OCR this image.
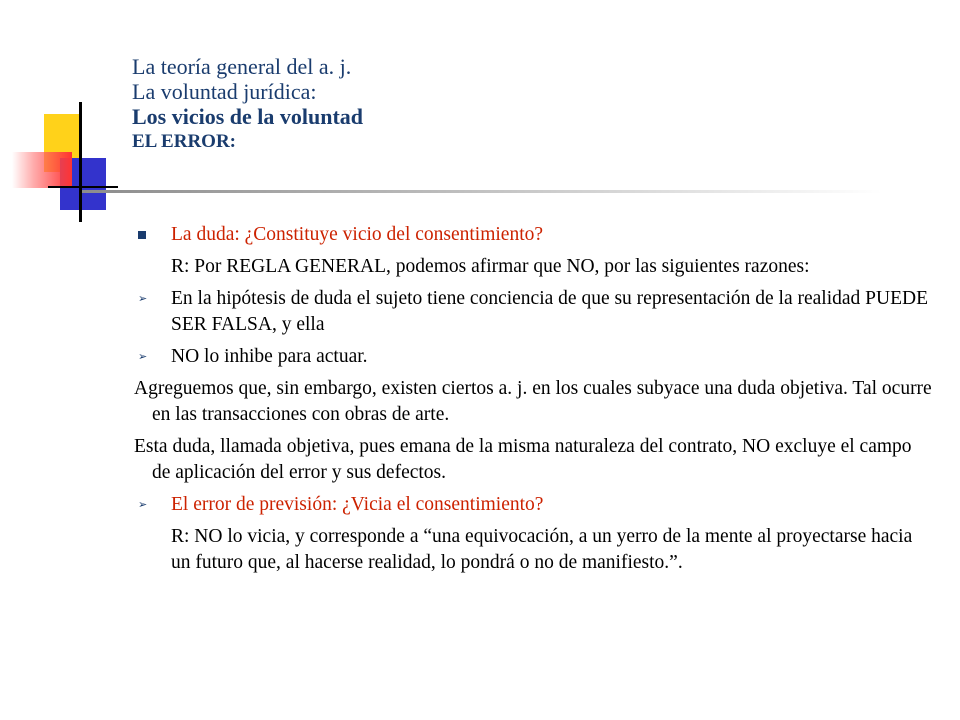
La teoría general del a. j.
La voluntad jurídica:
Los vicios de la voluntad
EL ERROR:
La duda: ¿Constituye vicio del consentimiento?
R: Por REGLA GENERAL, podemos afirmar que NO, por las siguientes razones:
➢ En la hipótesis de duda el sujeto tiene conciencia de que su representación de la realidad PUEDE SER FALSA, y ella
➢ NO lo inhibe para actuar.
Agreguemos que, sin embargo, existen ciertos a. j. en los cuales subyace una duda objetiva. Tal ocurre en las transacciones con obras de arte.
Esta duda, llamada objetiva, pues emana de la misma naturaleza del contrato, NO excluye el campo de aplicación del error y sus defectos.
➢ El error de previsión: ¿Vicia el consentimiento?
R: NO lo vicia, y corresponde a “una equivocación, a un yerro de la mente al proyectarse hacia un futuro que, al hacerse realidad, lo pondrá o no de manifiesto.”.
